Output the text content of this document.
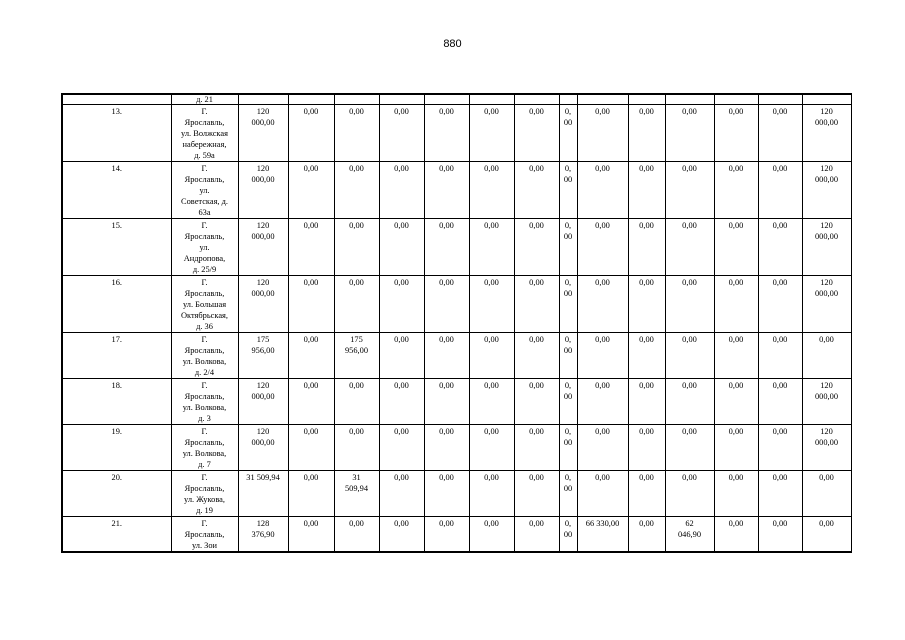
880
	д. 21														
13.	Г.
Ярославль,
ул. Волжская
набережная,
д. 59а	120
000,00	0,00	0,00	0,00	0,00	0,00	0,00	0,
00	0,00	0,00	0,00	0,00	0,00	120
000,00
14.	Г.
Ярославль,
ул.
Советская, д.
63а	120
000,00	0,00	0,00	0,00	0,00	0,00	0,00	0,
00	0,00	0,00	0,00	0,00	0,00	120
000,00
15.	Г.
Ярославль,
ул.
Андропова,
д. 25/9	120
000,00	0,00	0,00	0,00	0,00	0,00	0,00	0,
00	0,00	0,00	0,00	0,00	0,00	120
000,00
16.	Г.
Ярославль,
ул. Большая
Октябрьская,
д. 36	120
000,00	0,00	0,00	0,00	0,00	0,00	0,00	0,
00	0,00	0,00	0,00	0,00	0,00	120
000,00
17.	Г.
Ярославль,
ул. Волкова,
д. 2/4	175
956,00	0,00	175
956,00	0,00	0,00	0,00	0,00	0,
00	0,00	0,00	0,00	0,00	0,00	0,00
18.	Г.
Ярославль,
ул. Волкова,
д. 3	120
000,00	0,00	0,00	0,00	0,00	0,00	0,00	0,
00	0,00	0,00	0,00	0,00	0,00	120
000,00
19.	Г.
Ярославль,
ул. Волкова,
д. 7	120
000,00	0,00	0,00	0,00	0,00	0,00	0,00	0,
00	0,00	0,00	0,00	0,00	0,00	120
000,00
20.	Г.
Ярославль,
ул. Жукова,
д. 19	31 509,94	0,00	31
509,94	0,00	0,00	0,00	0,00	0,
00	0,00	0,00	0,00	0,00	0,00	0,00
21.	Г.
Ярославль,
ул. Зои	128
376,90	0,00	0,00	0,00	0,00	0,00	0,00	0,
00	66 330,00	0,00	62
046,90	0,00	0,00	0,00
